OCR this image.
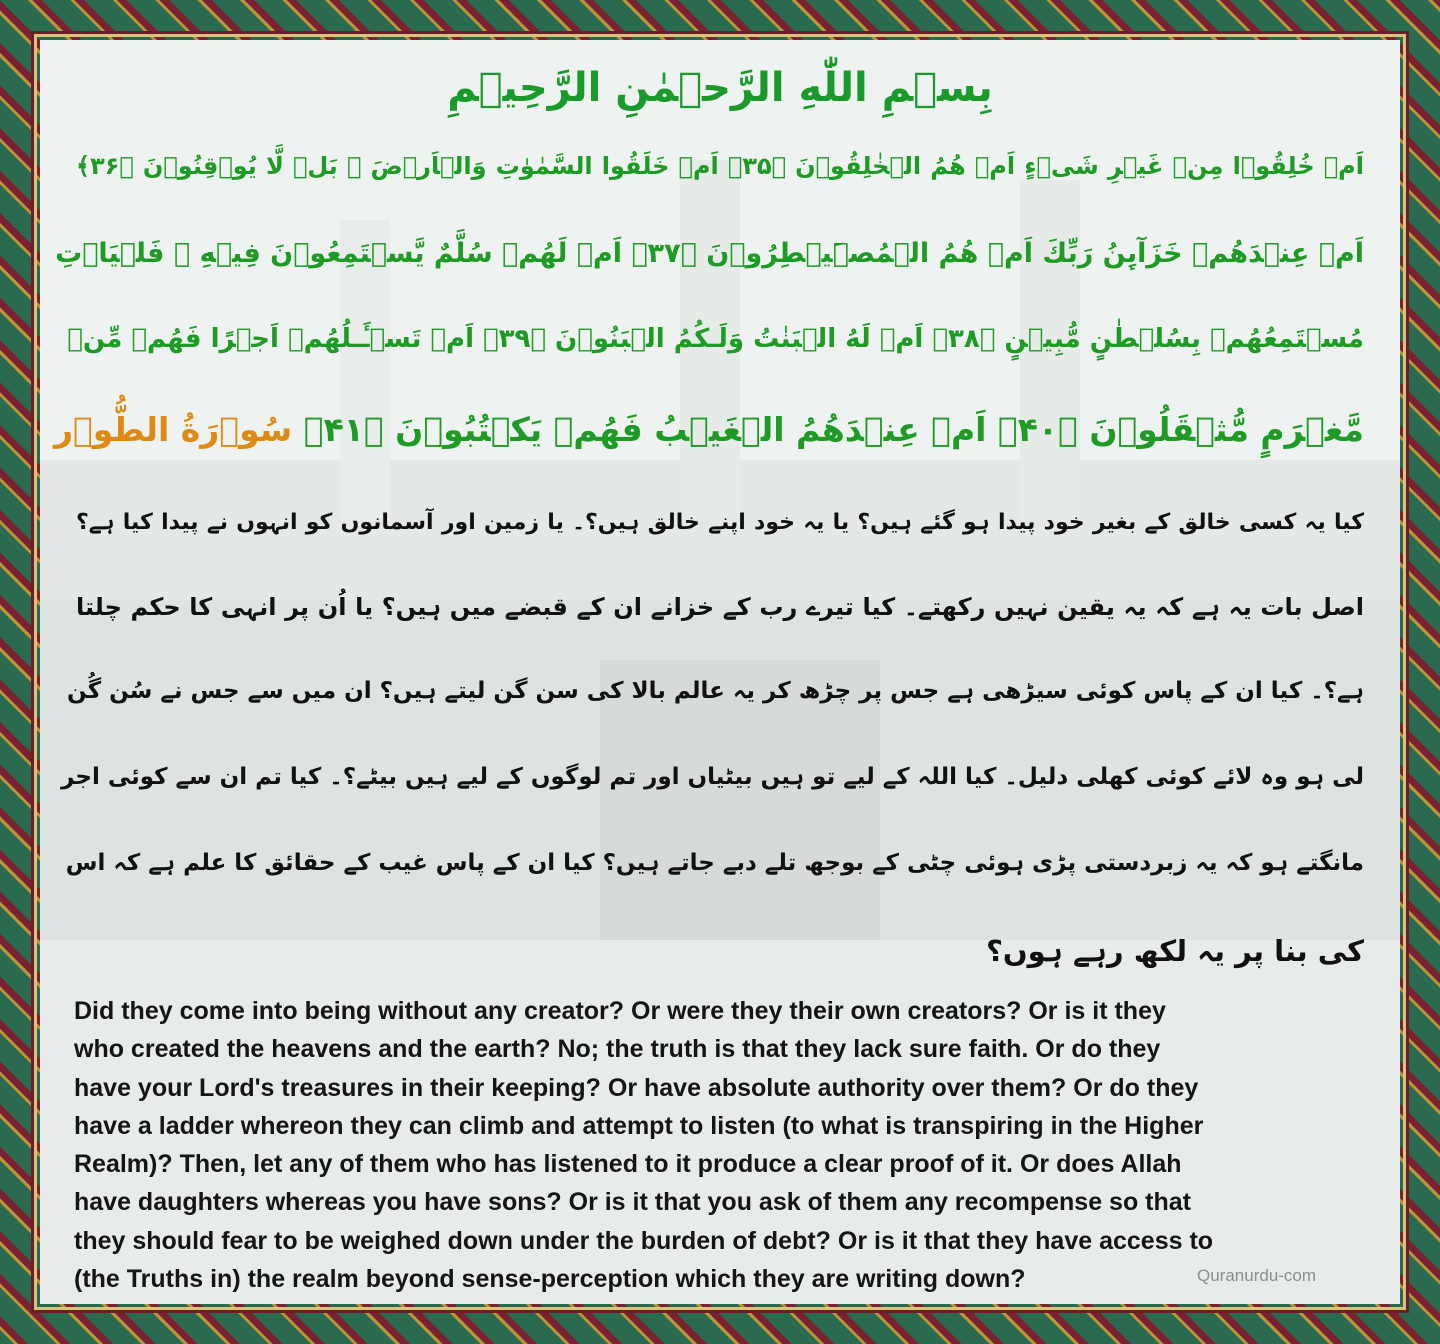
بِسۡمِ اللّٰهِ الرَّحۡمٰنِ الرَّحِيۡمِ
اَمۡ خُلِقُوۡا مِنۡ غَيۡرِ شَىۡءٍ اَمۡ هُمُ الۡخٰلِقُوۡنَ ﴿۳۵﴾ اَمۡ خَلَقُوا السَّمٰوٰتِ وَالۡاَرۡضَ‌ ۚ بَلۡ لَّا يُوۡقِنُوۡنَ ﴿۳۶﴾
اَمۡ عِنۡدَهُمۡ خَزَآٮِٕنُ رَبِّكَ اَمۡ هُمُ الۡمُصَۜيۡطِرُوۡنَ ﴿۳۷﴾ اَمۡ لَهُمۡ سُلَّمٌ يَّسۡتَمِعُوۡنَ فِيۡهِ‌ ۚ فَلۡيَاۡتِ
مُسۡتَمِعُهُمۡ بِسُلۡطٰنٍ مُّبِيۡنٍ ﴿۳۸﴾ اَمۡ لَهُ الۡبَنٰتُ وَلَـكُمُ الۡبَنُوۡنَ ﴿۳۹﴾ اَمۡ تَسۡـَٔـلُهُمۡ اَجۡرًا فَهُمۡ مِّنۡ
مَّغۡرَمٍ مُّثۡقَلُوۡنَ ﴿۴۰﴾ اَمۡ عِنۡدَهُمُ الۡغَيۡبُ فَهُمۡ يَكۡتُبُوۡنَ ﴿۴۱﴾ سُوۡرَةُ الطُّوۡر
کیا یہ کسی خالق کے بغیر خود پیدا ہو گئے ہیں؟ یا یہ خود اپنے خالق ہیں؟۔ یا زمین اور آسمانوں کو انہوں نے پیدا کیا ہے؟
اصل بات یہ ہے کہ یہ یقین نہیں رکھتے۔ کیا تیرے رب کے خزانے ان کے قبضے میں ہیں؟ یا اُن پر انہی کا حکم چلتا
ہے؟۔ کیا ان کے پاس کوئی سیڑھی ہے جس پر چڑھ کر یہ عالم بالا کی سن گن لیتے ہیں؟ ان میں سے جس نے سُن گُن
لی ہو وہ لائے کوئی کھلی دلیل۔ کیا اللہ کے لیے تو ہیں بیٹیاں اور تم لوگوں کے لیے ہیں بیٹے؟۔ کیا تم ان سے کوئی اجر
مانگتے ہو کہ یہ زبردستی پڑی ہوئی چٹی کے بوجھ تلے دبے جاتے ہیں؟ کیا ان کے پاس غیب کے حقائق کا علم ہے کہ اس
کی بنا پر یہ لکھ رہے ہوں؟
Did they come into being without any creator? Or were they their own creators? Or is it they
who created the heavens and the earth? No; the truth is that they lack sure faith. Or do they
have your Lord's treasures in their keeping? Or have absolute authority over them? Or do they
have a ladder whereon they can climb and attempt to listen (to what is transpiring in the Higher
Realm)? Then, let any of them who has listened to it produce a clear proof of it. Or does Allah
have daughters whereas you have sons? Or is it that you ask of them any recompense so that
they should fear to be weighed down under the burden of debt? Or is it that they have access to
(the Truths in) the realm beyond sense-perception which they are writing down?	Quranurdu-com
